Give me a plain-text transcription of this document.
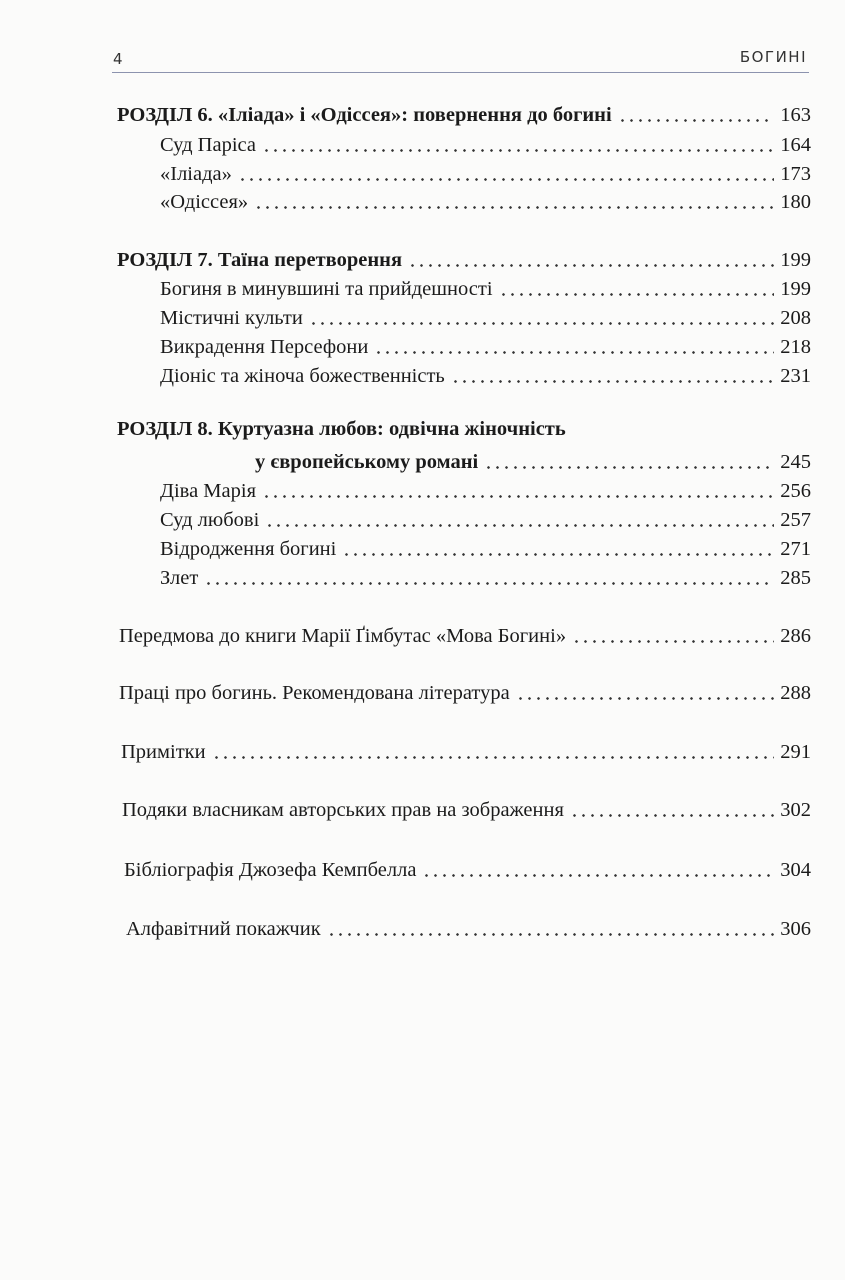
4	БОГИНІ
РОЗДІЛ 6. «Іліада» і «Одіссея»: повернення до богині	163
Суд Паріса	164
«Іліада»	173
«Одіссея»	180
РОЗДІЛ 7. Таїна перетворення	199
Богиня в минувшині та прийдешності	199
Містичні культи	208
Викрадення Персефони	218
Діоніс та жіноча божественність	231
РОЗДІЛ 8. Куртуазна любов: одвічна жіночність
у європейському романі	245
Діва Марія	256
Суд любові	257
Відродження богині	271
Злет	285
Передмова до книги Марії Ґімбутас «Мова Богині»	286
Праці про богинь. Рекомендована література	288
Примітки	291
Подяки власникам авторських прав на зображення	302
Бібліографія Джозефа Кемпбелла	304
Алфавітний покажчик	306
